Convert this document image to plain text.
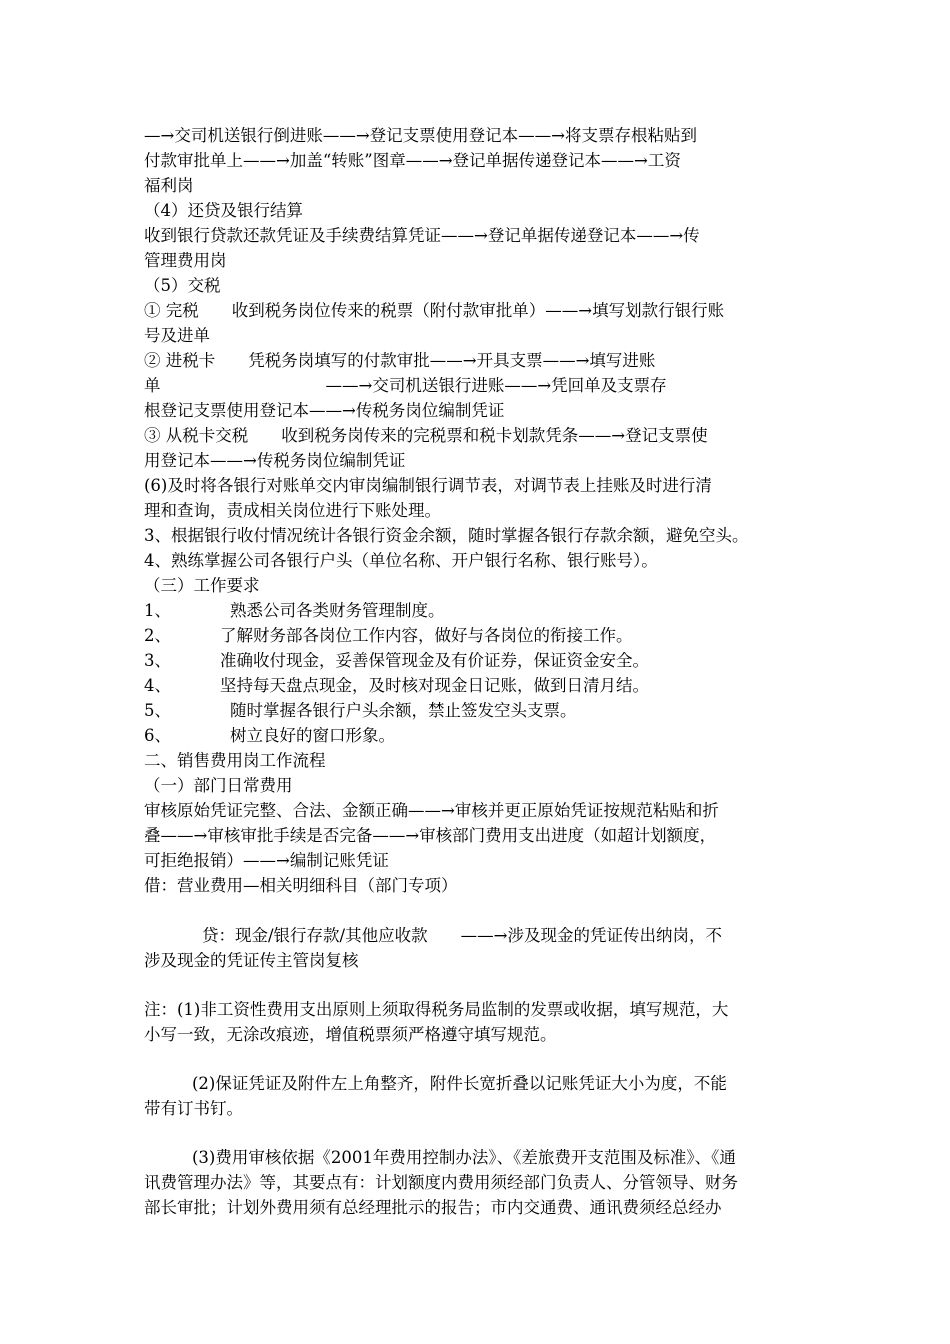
—→交司机送银行倒进账——→登记支票使用登记本——→将支票存根粘贴到
付款审批单上——→加盖“转账”图章——→登记单据传递登记本——→工资
福利岗
（4）还贷及银行结算
收到银行贷款还款凭证及手续费结算凭证——→登记单据传递登记本——→传
管理费用岗
（5）交税
① 完税　　收到税务岗位传来的税票（附付款审批单）——→填写划款行银行账
号及进单
② 进税卡　　凭税务岗填写的付款审批——→开具支票——→填写进账
单　　　　　　　　　　——→交司机送银行进账——→凭回单及支票存
根登记支票使用登记本——→传税务岗位编制凭证
③ 从税卡交税　　收到税务岗传来的完税票和税卡划款凭条——→登记支票使
用登记本——→传税务岗位编制凭证
(6)及时将各银行对账单交内审岗编制银行调节表，对调节表上挂账及时进行清
理和查询，责成相关岗位进行下账处理。
3、根据银行收付情况统计各银行资金余额，随时掌握各银行存款余额，避免空头。
4、熟练掌握公司各银行户头（单位名称、开户银行名称、银行账号）。
（三）工作要求
1、	熟悉公司各类财务管理制度。
2、	了解财务部各岗位工作内容，做好与各岗位的衔接工作。
3、	准确收付现金，妥善保管现金及有价证券，保证资金安全。
4、	坚持每天盘点现金，及时核对现金日记账，做到日清月结。
5、	随时掌握各银行户头余额，禁止签发空头支票。
6、	树立良好的窗口形象。
二、销售费用岗工作流程
（一）部门日常费用
审核原始凭证完整、合法、金额正确——→审核并更正原始凭证按规范粘贴和折
叠——→审核审批手续是否完备——→审核部门费用支出进度（如超计划额度，
可拒绝报销）——→编制记账凭证
借：营业费用—相关明细科目（部门专项）
贷：现金/银行存款/其他应收款　　——→涉及现金的凭证传出纳岗，不
涉及现金的凭证传主管岗复核
注：(1)非工资性费用支出原则上须取得税务局监制的发票或收据，填写规范，大
小写一致，无涂改痕迹，增值税票须严格遵守填写规范。
(2)保证凭证及附件左上角整齐，附件长宽折叠以记账凭证大小为度，不能
带有订书钉。
(3)费用审核依据《2001年费用控制办法》、《差旅费开支范围及标准》、《通
讯费管理办法》等，其要点有：计划额度内费用须经部门负责人、分管领导、财务
部长审批；计划外费用须有总经理批示的报告；市内交通费、通讯费须经总经办
